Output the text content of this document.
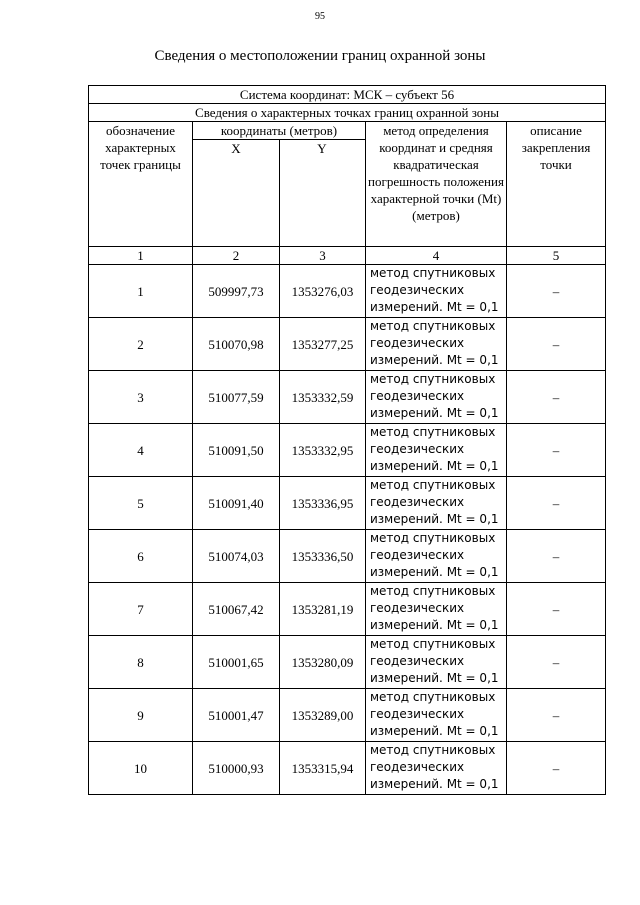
95
Сведения о местоположении границ охранной зоны
Система координат: МСК – субъект 56				
Сведения о характерных точках границ охранной зоны				
обозначение характерных точек границы	координаты (метров)
X Y		метод определения координат и средняя квадратическая погрешность положения характерной точки (Mt) (метров)	описание закрепления точки
1	2	3	4	5
1	509997,73	1353276,03	метод спутниковых геодезических измерений. Mt = 0,1	–
2	510070,98	1353277,25	метод спутниковых геодезических измерений. Mt = 0,1	–
3	510077,59	1353332,59	метод спутниковых геодезических измерений. Mt = 0,1	–
4	510091,50	1353332,95	метод спутниковых геодезических измерений. Mt = 0,1	–
5	510091,40	1353336,95	метод спутниковых геодезических измерений. Mt = 0,1	–
6	510074,03	1353336,50	метод спутниковых геодезических измерений. Mt = 0,1	–
7	510067,42	1353281,19	метод спутниковых геодезических измерений. Mt = 0,1	–
8	510001,65	1353280,09	метод спутниковых геодезических измерений. Mt = 0,1	–
9	510001,47	1353289,00	метод спутниковых геодезических измерений. Mt = 0,1	–
10	510000,93	1353315,94	метод спутниковых геодезических измерений. Mt = 0,1	–
